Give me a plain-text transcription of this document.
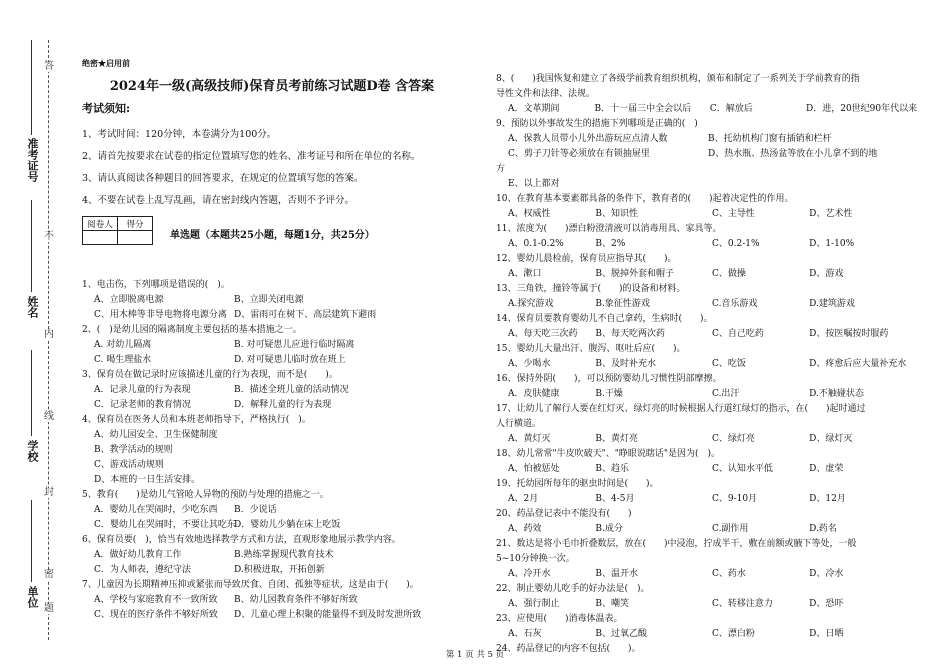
准考证号
姓名
学校
单位
答
不
内
线
封
密
题
绝密★启用前
2024年一级(高级技师)保育员考前练习试题D卷 含答案
考试须知:
1、考试时间：120分钟，本卷满分为100分。
2、请首先按要求在试卷的指定位置填写您的姓名、准考证号和所在单位的名称。
3、请认真阅读各种题目的回答要求，在规定的位置填写您的答案。
4、不要在试卷上乱写乱画，请在密封线内答题，否则不予评分。
阅卷人	得分

单选题（本题共25小题，每题1分，共25分）
1、电击伤，下列哪项是错误的(　)。
A、立即脱离电源	B、立即关闭电源
C、用木棒等非导电物将电源分离 D、雷雨可在树下、高层建筑下避雨
2、(　)是幼儿园的隔离制度主要包括的基本措施之一。
A. 对幼儿隔离	B. 对可疑患儿应进行临时隔离
C. 喝生理盐水	D. 对可疑患儿临时放在班上
3、保育员在做记录时应该描述儿童的行为表现，而不是(　　)。
A．记录儿童的行为表现	B．描述全班儿童的活动情况
C．记录老师的教育情况	D．解释儿童的行为表现
4、保育员在医务人员和本班老师指导下，严格执行(　)。
A、幼儿园安全、卫生保健制度
B、教学活动的规则
C、游戏活动规则
D、本班的一日生活安排。
5、教育(　　)是幼儿气管呛人异物的预防与处理的措施之一。
A．婴幼儿在哭闹时，少吃东西	B．少说话
C．婴幼儿在哭闹时，不要让其吃东
D．婴幼儿少躺在床上吃饭
6、保育员要(　)，恰当有效地选择教学方式和方法，直观形象地展示教学内容。
A．做好幼儿教育工作	B.熟练掌握现代教育技术
C．为人师表，遵纪守法	D.积极进取，开拓创新
7、儿童因为长期精神压抑或紧张而导致厌食、自闭、孤独等症状，这是由于(　　)。
A、学校与家庭教育不一致所致	B、幼儿园教育条件不够好所致
C、现在的医疗条件不够好所致	D、儿童心理上积聚的能量得不到及时发泄所致
8、(　　)我国恢复和建立了各级学前教育组织机构，颁布和制定了一系列关于学前教育的指
导性文件和法律、法规。
A．文革期间	B．十一届三中全会以后	C．解放后	D．进，20世纪90年代以来
9、预防以外事故发生的措施下列哪项是正确的(　)
A、保教人员带小儿外出游玩应点清人数	B、托幼机构门窗有插销和栏杆
C、剪子刀针等必须放在有锁抽屉里	D、热水瓶、热汤盆等放在小儿拿不到的地
方
E、以上都对
10、在教育基本要素都具备的条件下，教育者的(　　)起着决定性的作用。
A、权威性	B、知识性	C、主导性	D、艺术性
11、浓度为(　　)漂白粉澄清液可以消毒用具、家具等。
A、0.1-0.2%	B、2%	C、0.2-1%	D、1-10%
12、婴幼儿晨检前，保育员应指导其(　　)。
A、漱口	B、脱掉外套和帽子	C、做操	D、游戏
13、三角铁，撞铃等属于(　　)的设备和材料。
A.探究游戏	B.象征性游戏	C.音乐游戏	D.建筑游戏
14、保育员要教育婴幼儿不自己拿药，生病时(　　)。
A、每天吃三次药	B、每天吃两次药	C、自己吃药	D、按医嘱按时服药
15、婴幼儿大量出汗、腹泻、呕吐后应(　　)。
A、少喝水	B、及时补充水	C、吃饭	D、疼愈后应大量补充水
16、保持外阴(　　)，可以预防婴幼儿习惯性阴部摩擦。
A．皮肤健康	B.干燥	C.出汗	D.不触碰状态
17、让幼儿了解行人要在红灯灭、绿灯亮的时候根据人行道红绿灯的指示，在(　　)起时通过
人行横道。
A、黄灯灭	B、黄灯亮	C、绿灯亮	D、绿灯灭
18、幼儿常常"牛皮吹破天"、"睁眼说瞎话"是因为(　)。
A、怕被惩处	B、趋乐	C、认知水平低	D、虚荣
19、托幼园所每年的驱虫时间是(　　)。
A、2月	B、4-5月	C、9-10月	D、12月
20、药品登记表中不能没有(　　)
A、药效	B.成分	C.副作用	D.药名
21、数达是将小毛巾折叠数层，放在(　　)中浸泡，拧成半干，敷在前额或腋下等处，一般
5~10分钟换一次。
A、冷开水	B、温开水	C、药水	D、冷水
22、制止婴幼儿吃手的好办法是(　)。
A、强行制止	B、嘲笑	C、转移注意力	D、恐吓
23、应使用(　　)消毒体温表。
A、石灰	B、过氧乙酸	C、漂白粉	D、日晒
24、药品登记的内容不包括(　　)。
第 1 页 共 5 页
